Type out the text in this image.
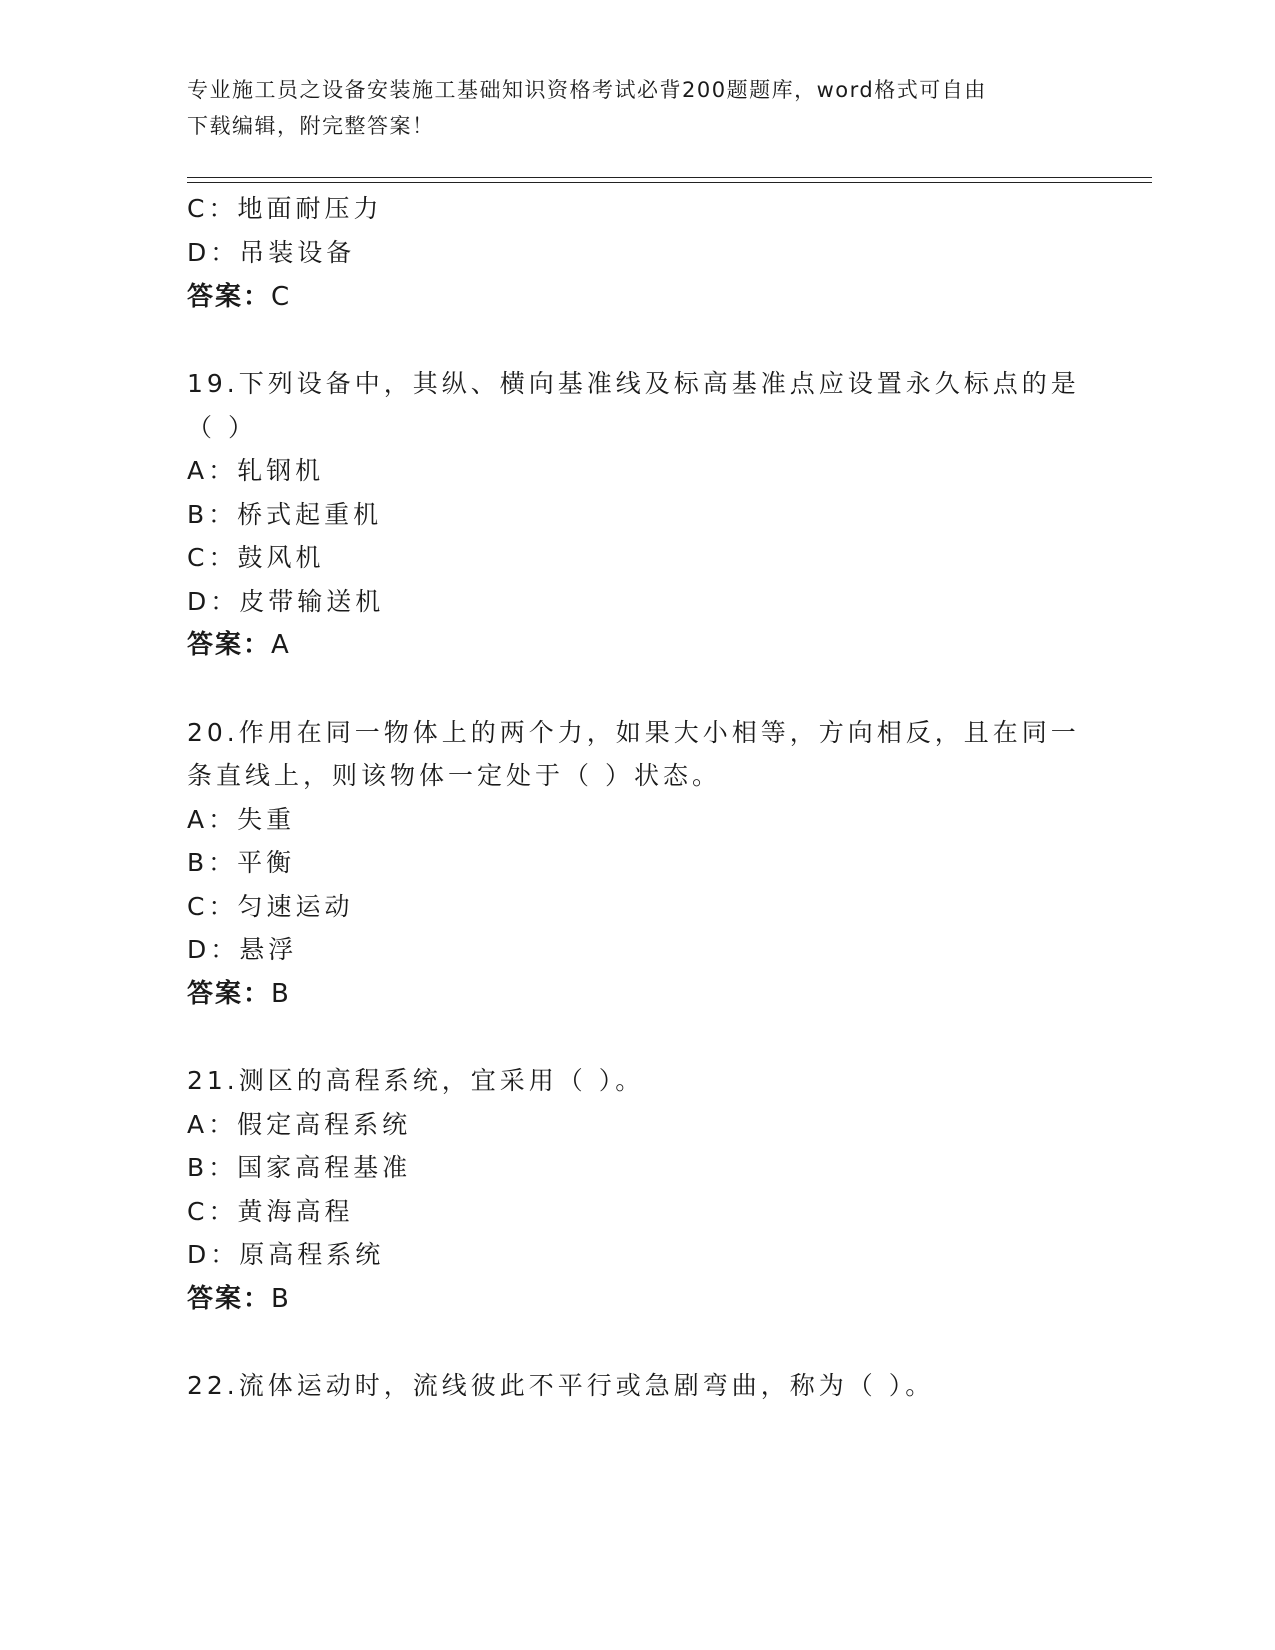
专业施工员之设备安装施工基础知识资格考试必背200题题库，word格式可自由
下载编辑，附完整答案！
C：地面耐压力
D：吊装设备
答案：C
19.下列设备中，其纵、横向基准线及标高基准点应设置永久标点的是
（ ）
A：轧钢机
B：桥式起重机
C：鼓风机
D：皮带输送机
答案：A
20.作用在同一物体上的两个力，如果大小相等，方向相反，且在同一
条直线上，则该物体一定处于（ ）状态。
A：失重
B：平衡
C：匀速运动
D：悬浮
答案：B
21.测区的高程系统，宜采用（ ）。
A：假定高程系统
B：国家高程基准
C：黄海高程
D：原高程系统
答案：B
22.流体运动时，流线彼此不平行或急剧弯曲，称为（ ）。
